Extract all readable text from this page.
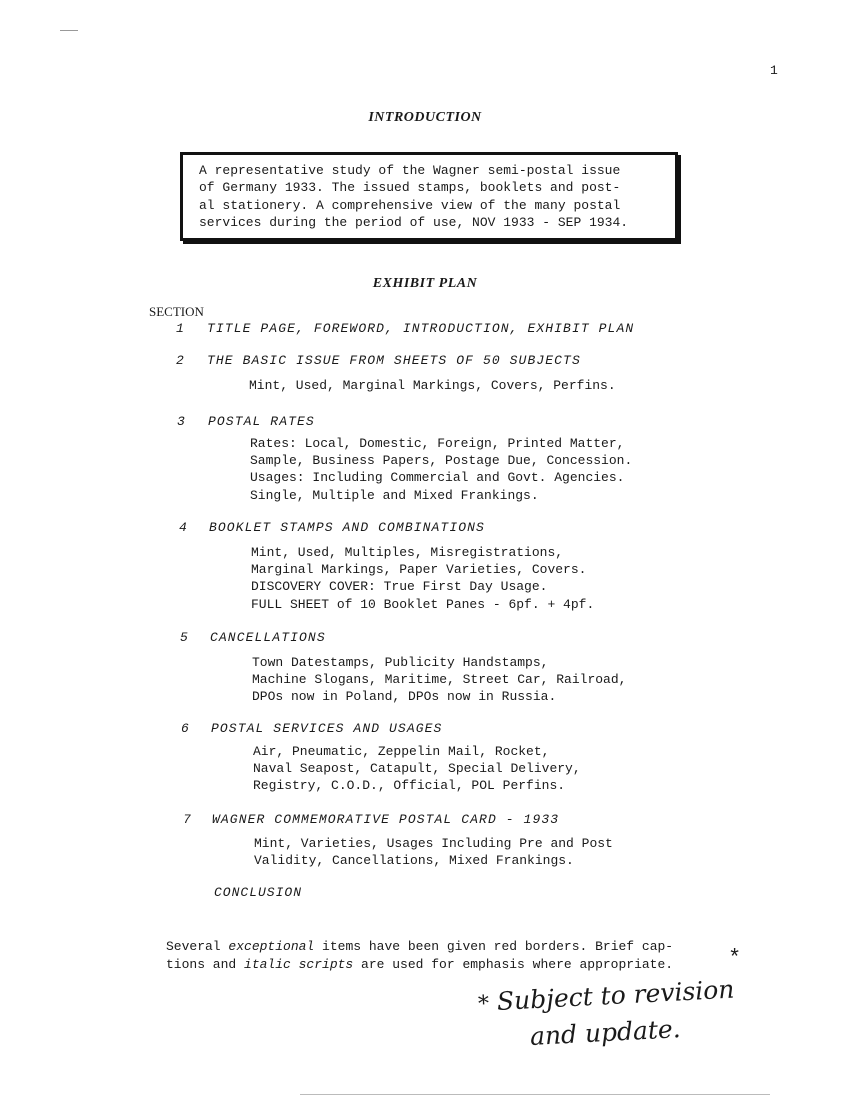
1
INTRODUCTION
A representative study of the Wagner semi-postal issue
of Germany 1933. The issued stamps, booklets and post-
al stationery. A comprehensive view of the many postal
services during the period of use, NOV 1933 - SEP 1934.
EXHIBIT PLAN
SECTION
1 TITLE PAGE, FOREWORD, INTRODUCTION, EXHIBIT PLAN
2 THE BASIC ISSUE FROM SHEETS OF 50 SUBJECTS
Mint, Used, Marginal Markings, Covers, Perfins.
3 POSTAL RATES
Rates: Local, Domestic, Foreign, Printed Matter,
Sample, Business Papers, Postage Due, Concession.
Usages: Including Commercial and Govt. Agencies.
Single, Multiple and Mixed Frankings.
4 BOOKLET STAMPS AND COMBINATIONS
Mint, Used, Multiples, Misregistrations,
Marginal Markings, Paper Varieties, Covers.
DISCOVERY COVER: True First Day Usage.
FULL SHEET of 10 Booklet Panes - 6pf. + 4pf.
5 CANCELLATIONS
Town Datestamps, Publicity Handstamps,
Machine Slogans, Maritime, Street Car, Railroad,
DPOs now in Poland, DPOs now in Russia.
6 POSTAL SERVICES AND USAGES
Air, Pneumatic, Zeppelin Mail, Rocket,
Naval Seapost, Catapult, Special Delivery,
Registry, C.O.D., Official, POL Perfins.
7 WAGNER COMMEMORATIVE POSTAL CARD - 1933
Mint, Varieties, Usages Including Pre and Post
Validity, Cancellations, Mixed Frankings.
CONCLUSION
Several exceptional items have been given red borders. Brief cap-
tions and italic scripts are used for emphasis where appropriate. *
* Subject to revision
and update.
